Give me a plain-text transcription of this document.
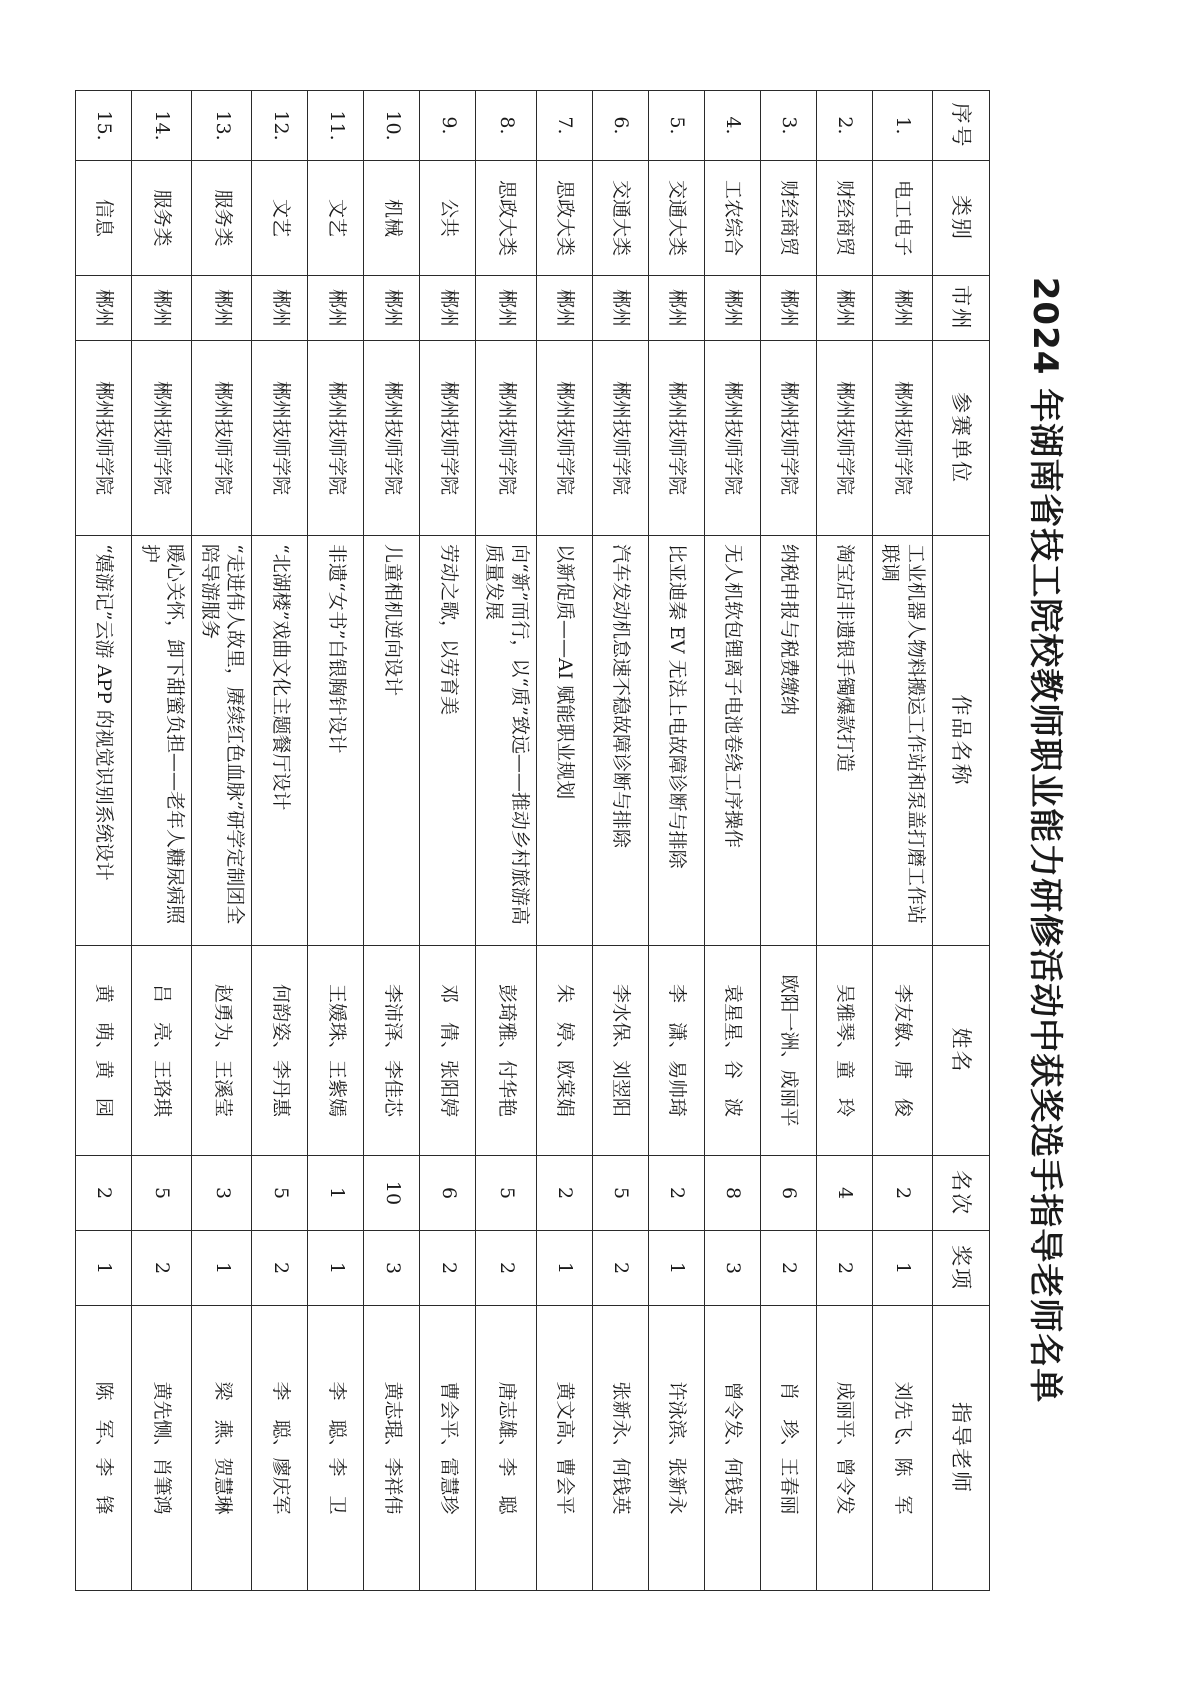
2024 年湖南省技工院校教师职业能力研修活动中获奖选手指导老师名单
序号	类别	市州	参赛单位	作品名称	姓名	名次	奖项	指导老师
1.	电工电子	郴州	郴州技师学院	工业机器人物料搬运工作站和泵盖打磨工作站联调	李友敏、唐　俊	2	1	刘先飞、陈　军
2.	财经商贸	郴州	郴州技师学院	淘宝店非遗银手镯爆款打造	吴雅琴、童　玲	4	2	成丽平、曾令发
3.	财经商贸	郴州	郴州技师学院	纳税申报与税费缴纳	欧阳一洲、成丽平	6	2	肖　珍、王春丽
4.	工农综合	郴州	郴州技师学院	无人机软包锂离子电池卷绕工序操作	袁星星、谷　波	8	3	曾令发、何钱英
5.	交通大类	郴州	郴州技师学院	比亚迪秦 EV 无法上电故障诊断与排除	李　潇、易帅琦	2	1	许泳滨、张新永
6.	交通大类	郴州	郴州技师学院	汽车发动机怠速不稳故障诊断与排除	李水保、刘翌阳	5	2	张新永、何钱英
7.	思政大类	郴州	郴州技师学院	以新促质——AI 赋能职业规划	朱　婷、欧棠娟	2	1	黄文高、曹会平
8.	思政大类	郴州	郴州技师学院	向“新”而行，以“质”致远——推动乡村旅游高质量发展	彭琦雅、付华艳	5	2	唐志雄、李　聪
9.	公共	郴州	郴州技师学院	劳动之歌，以劳育美	邓　倩、张阳婷	6	2	曹会平、雷慧珍
10.	机械	郴州	郴州技师学院	儿童相机逆向设计	李沛泽、李佳芯	10	3	黄志琨、李祥伟
11.	文艺	郴州	郴州技师学院	非遗“女书”白银胸针设计	王媛珠、王紫嫣	1	1	李　聪、李　卫
12.	文艺	郴州	郴州技师学院	“北湖楼”戏曲文化主题餐厅设计	何韵姿、李丹惠	5	2	李　聪、廖庆军
13.	服务类	郴州	郴州技师学院	“走进伟人故里，赓续红色血脉”研学定制团全陪导游服务	赵勇为、王溪莹	3	1	梁　燕、贺慧琳
14.	服务类	郴州	郴州技师学院	暖心关怀，卸下甜蜜负担——老年人糖尿病照护	吕　亮、王珞琪	5	2	黄先恻、肖筆鸿
15.	信息	郴州	郴州技师学院	“嬉游记”云游 APP 的视觉识别系统设计	黄　萌、黄　园	2	1	陈　军、李　锋
